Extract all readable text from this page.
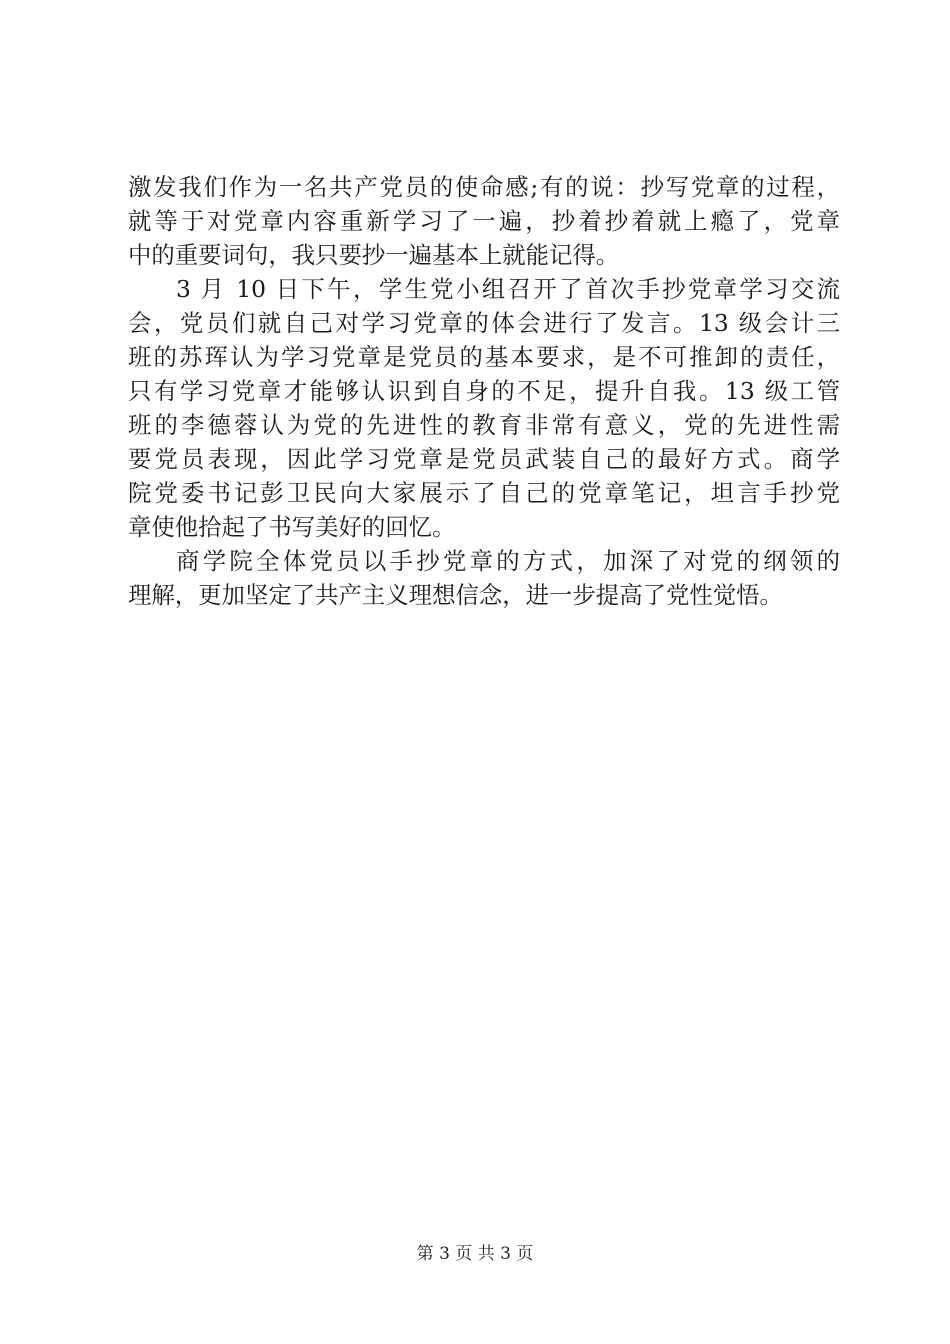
激发我们作为一名共产党员的使命感;有的说：抄写党章的过程，
就等于对党章内容重新学习了一遍，抄着抄着就上瘾了，党章
中的重要词句，我只要抄一遍基本上就能记得。
3 月 10 日下午，学生党小组召开了首次手抄党章学习交流
会，党员们就自己对学习党章的体会进行了发言。13 级会计三
班的苏珲认为学习党章是党员的基本要求，是不可推卸的责任，
只有学习党章才能够认识到自身的不足，提升自我。13 级工管
班的李德蓉认为党的先进性的教育非常有意义，党的先进性需
要党员表现，因此学习党章是党员武装自己的最好方式。商学
院党委书记彭卫民向大家展示了自己的党章笔记，坦言手抄党
章使他拾起了书写美好的回忆。
商学院全体党员以手抄党章的方式，加深了对党的纲领的
理解，更加坚定了共产主义理想信念，进一步提高了党性觉悟。
第 3 页 共 3 页
